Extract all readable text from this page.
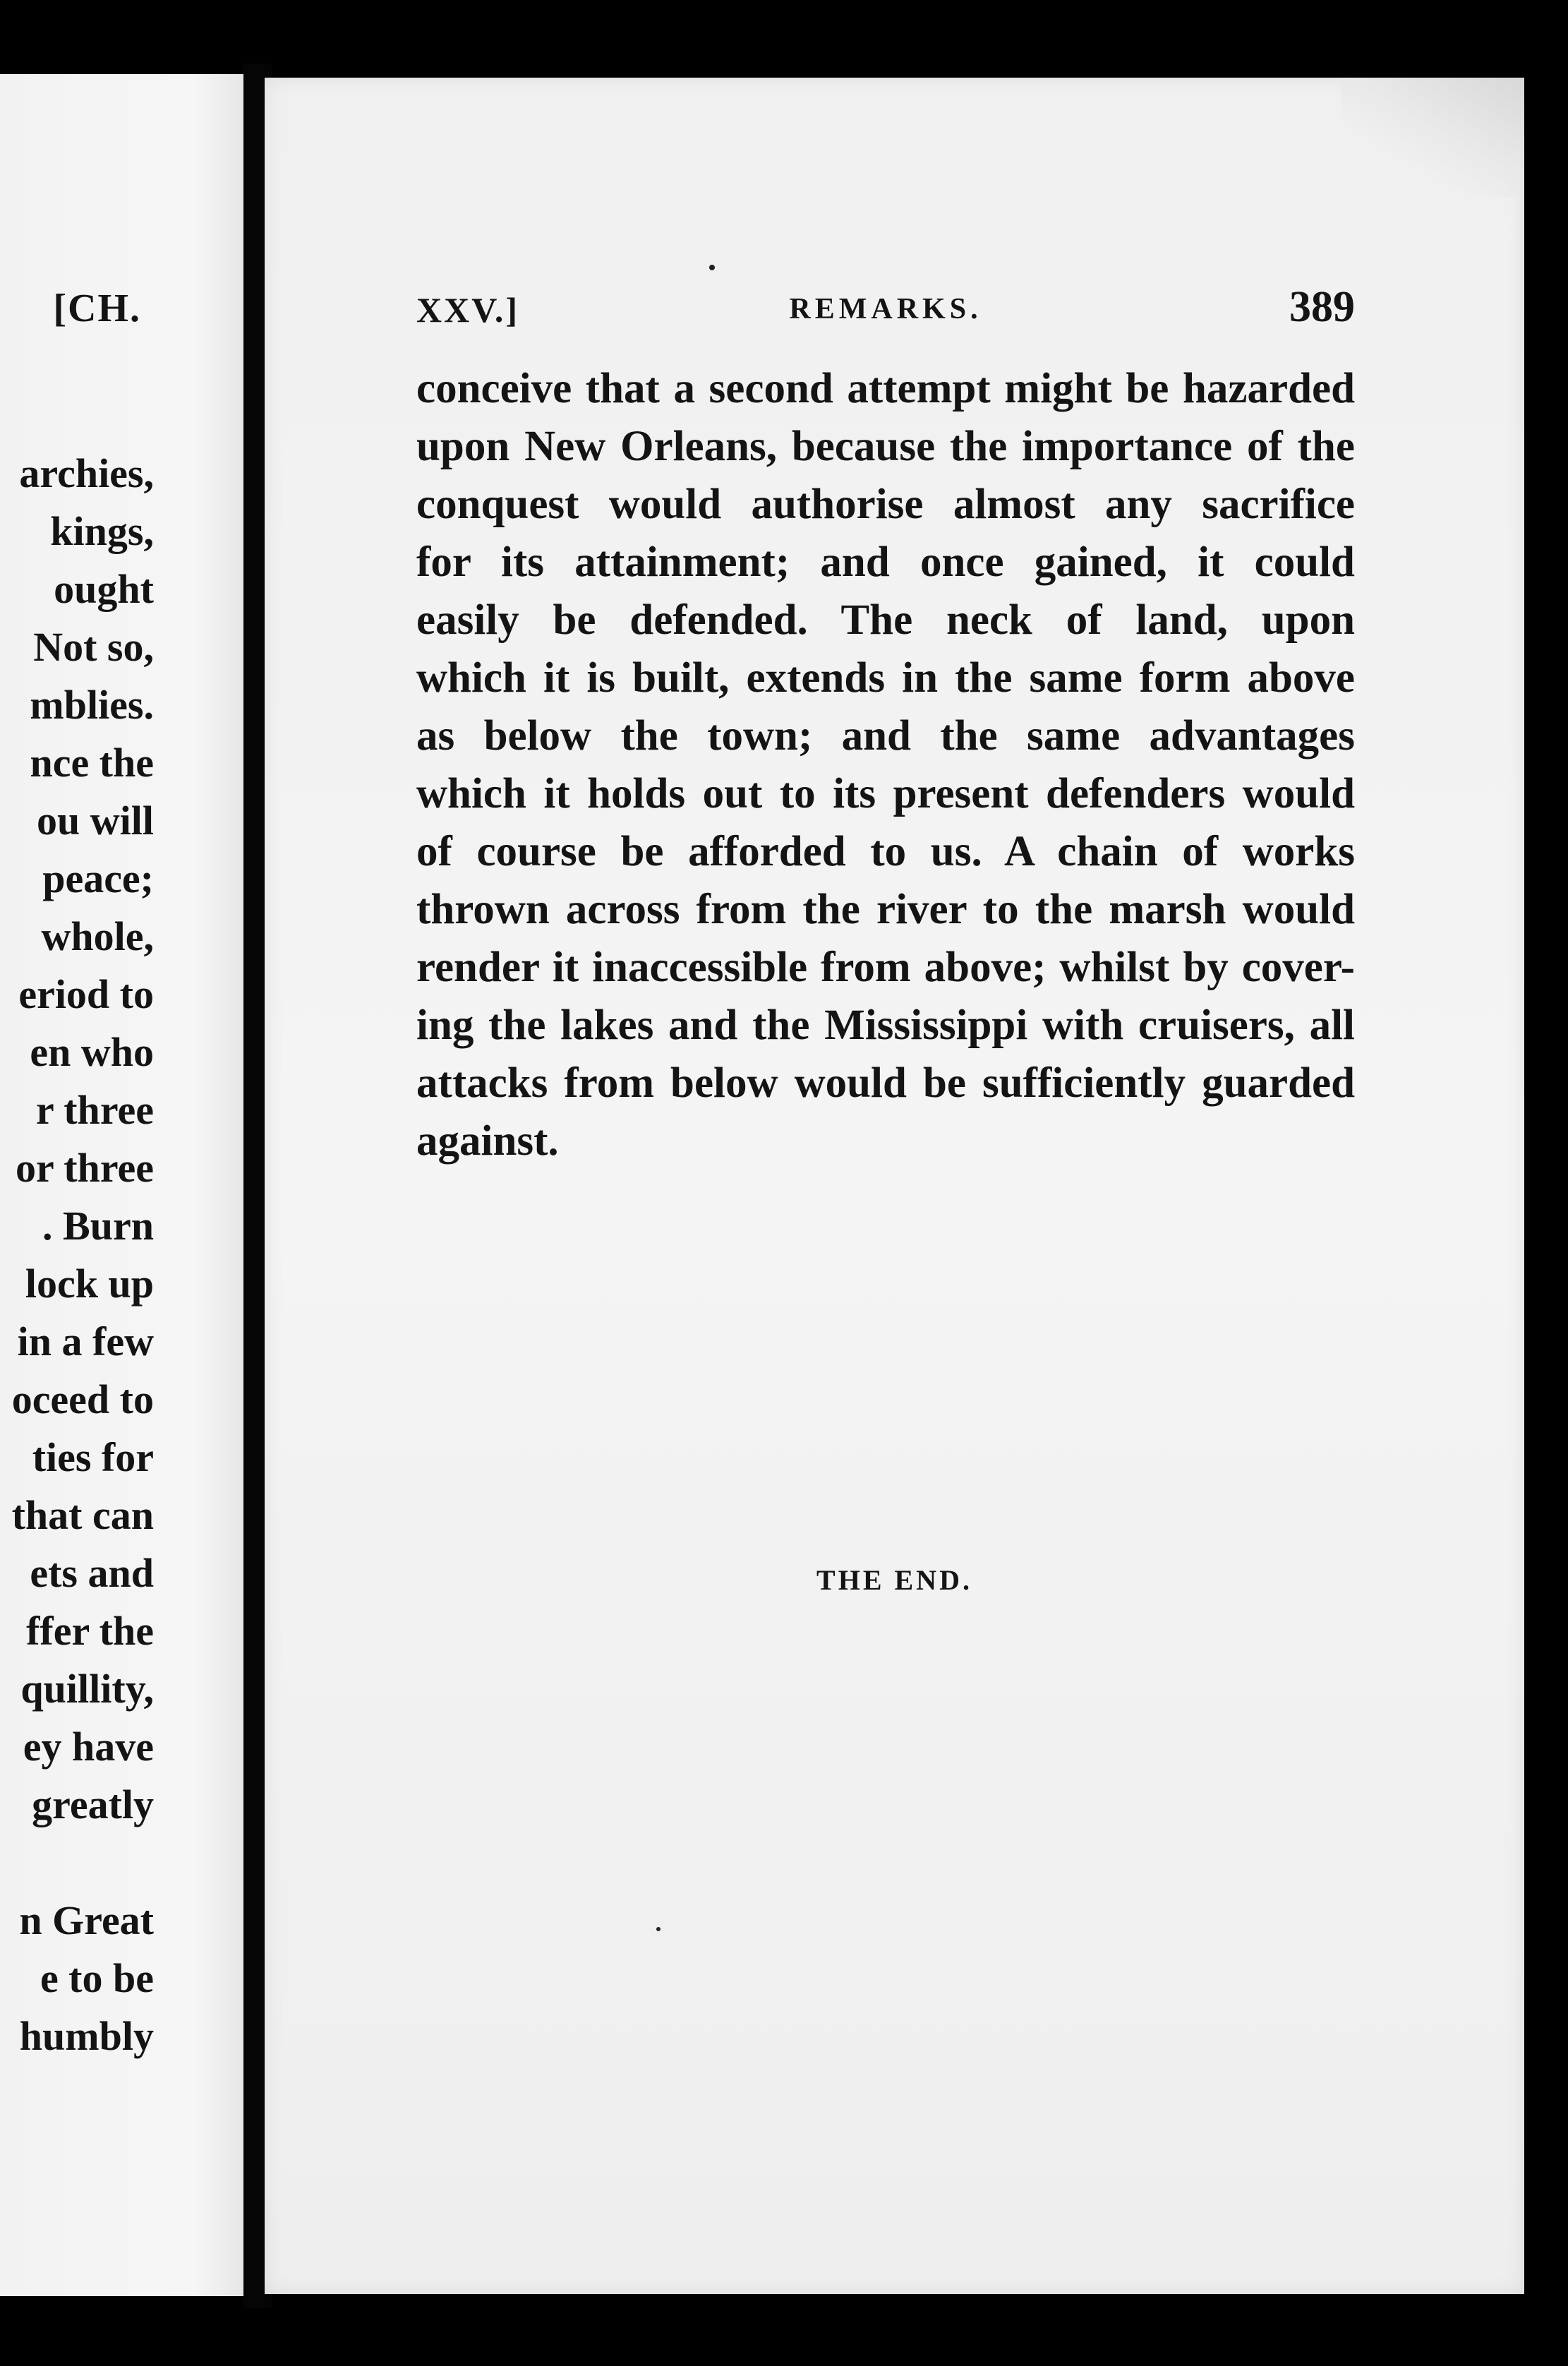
[CH.
archies,
kings,
ought
Not so,
mblies.
nce the
ou will
peace;
whole,
eriod to
en who
r three
or three
. Burn
lock up
in a few
oceed to
ties for
that can
ets and
ffer the
quillity,
ey have
greatly
n Great
e to be
humbly
XXV.]	REMARKS.	389
conceive that a second attempt might be hazarded
upon New Orleans, because the importance of the
conquest would authorise almost any sacrifice
for its attainment; and once gained, it could
easily be defended. The neck of land, upon
which it is built, extends in the same form above
as below the town; and the same advantages
which it holds out to its present defenders would
of course be afforded to us. A chain of works
thrown across from the river to the marsh would
render it inaccessible from above; whilst by cover-
ing the lakes and the Mississippi with cruisers, all
attacks from below would be sufficiently guarded
against.
THE END.
